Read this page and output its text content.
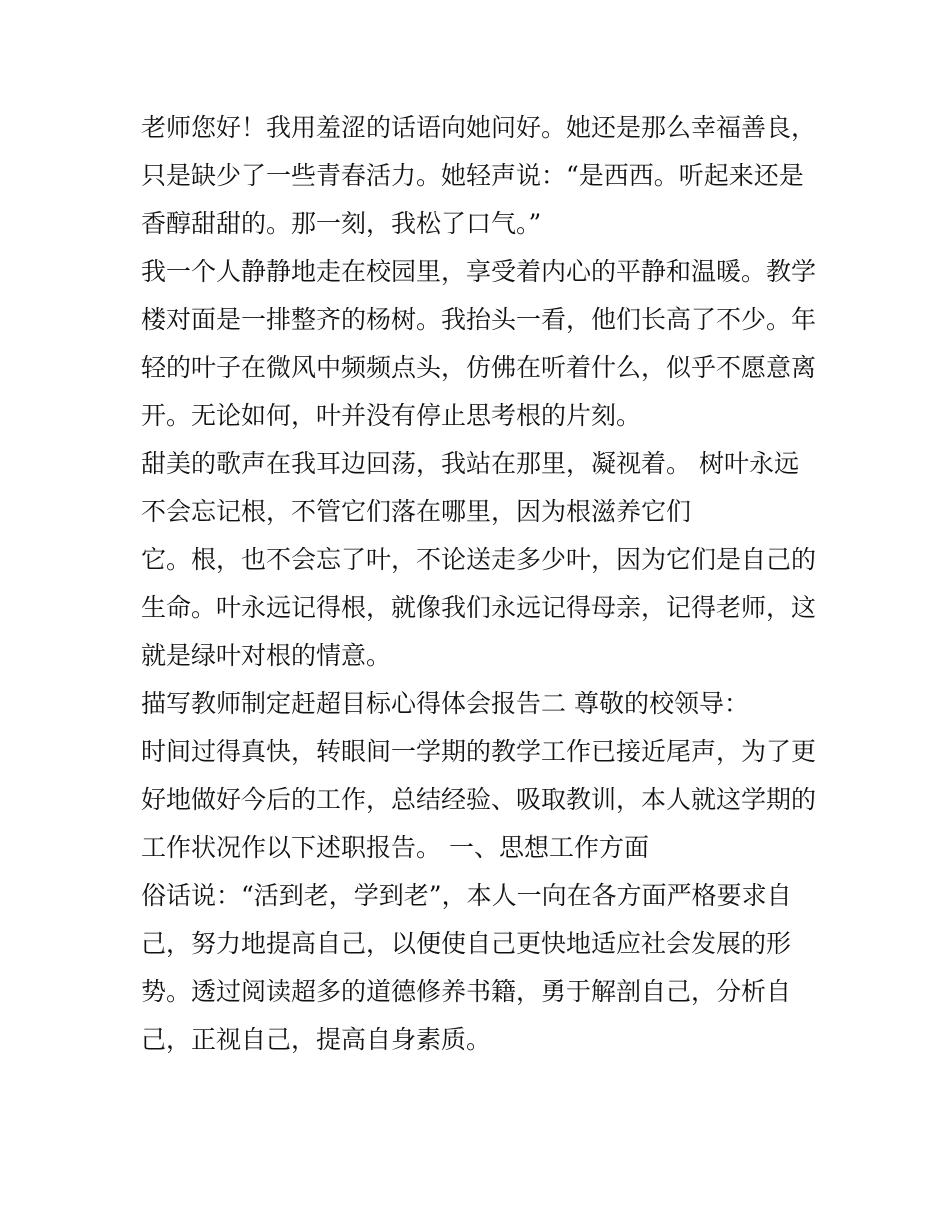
老师您好！我用羞涩的话语向她问好。她还是那么幸福善良，
只是缺少了一些青春活力。她轻声说：“是西西。听起来还是
香醇甜甜的。那一刻，我松了口气。”
我一个人静静地走在校园里，享受着内心的平静和温暖。教学
楼对面是一排整齐的杨树。我抬头一看，他们长高了不少。年
轻的叶子在微风中频频点头，仿佛在听着什么，似乎不愿意离
开。无论如何，叶并没有停止思考根的片刻。
甜美的歌声在我耳边回荡，我站在那里，凝视着。 树叶永远
不会忘记根，不管它们落在哪里，因为根滋养它们
它。根，也不会忘了叶，不论送走多少叶，因为它们是自己的
生命。叶永远记得根，就像我们永远记得母亲，记得老师，这
就是绿叶对根的情意。
描写教师制定赶超目标心得体会报告二 尊敬的校领导：
时间过得真快，转眼间一学期的教学工作已接近尾声，为了更
好地做好今后的工作，总结经验、吸取教训，本人就这学期的
工作状况作以下述职报告。 一、思想工作方面
俗话说：“活到老，学到老”，本人一向在各方面严格要求自
己，努力地提高自己，以便使自己更快地适应社会发展的形
势。透过阅读超多的道德修养书籍，勇于解剖自己，分析自
己，正视自己，提高自身素质。
